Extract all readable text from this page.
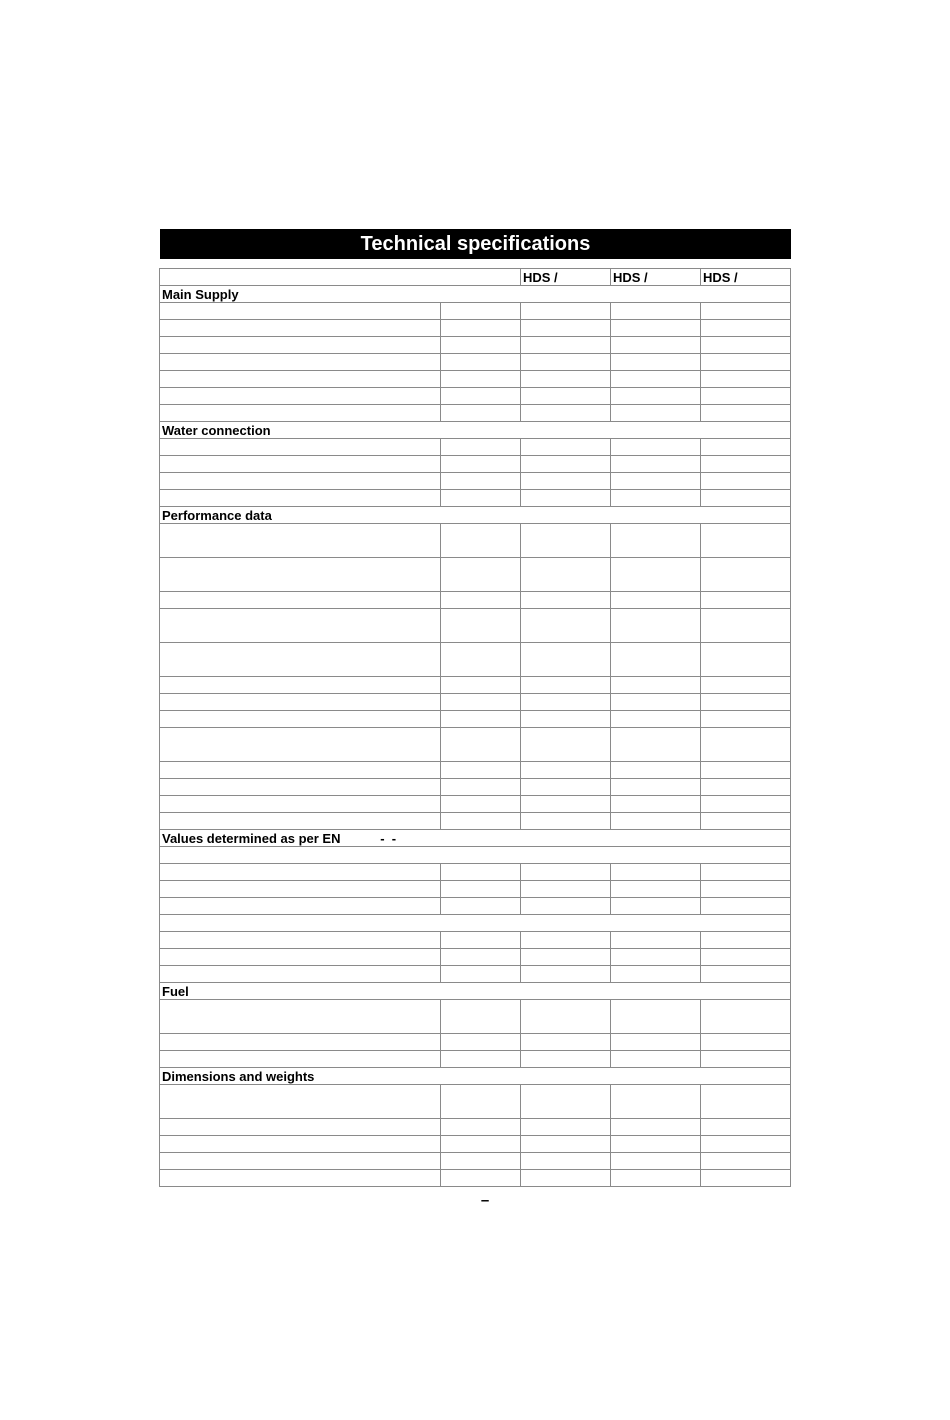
Technical specifications
		HDS /	HDS /	HDS /
Main Supply				

Water connection				

Performance data				

Values determined as per EN           -  -				

Fuel				

Dimensions and weights				

–
